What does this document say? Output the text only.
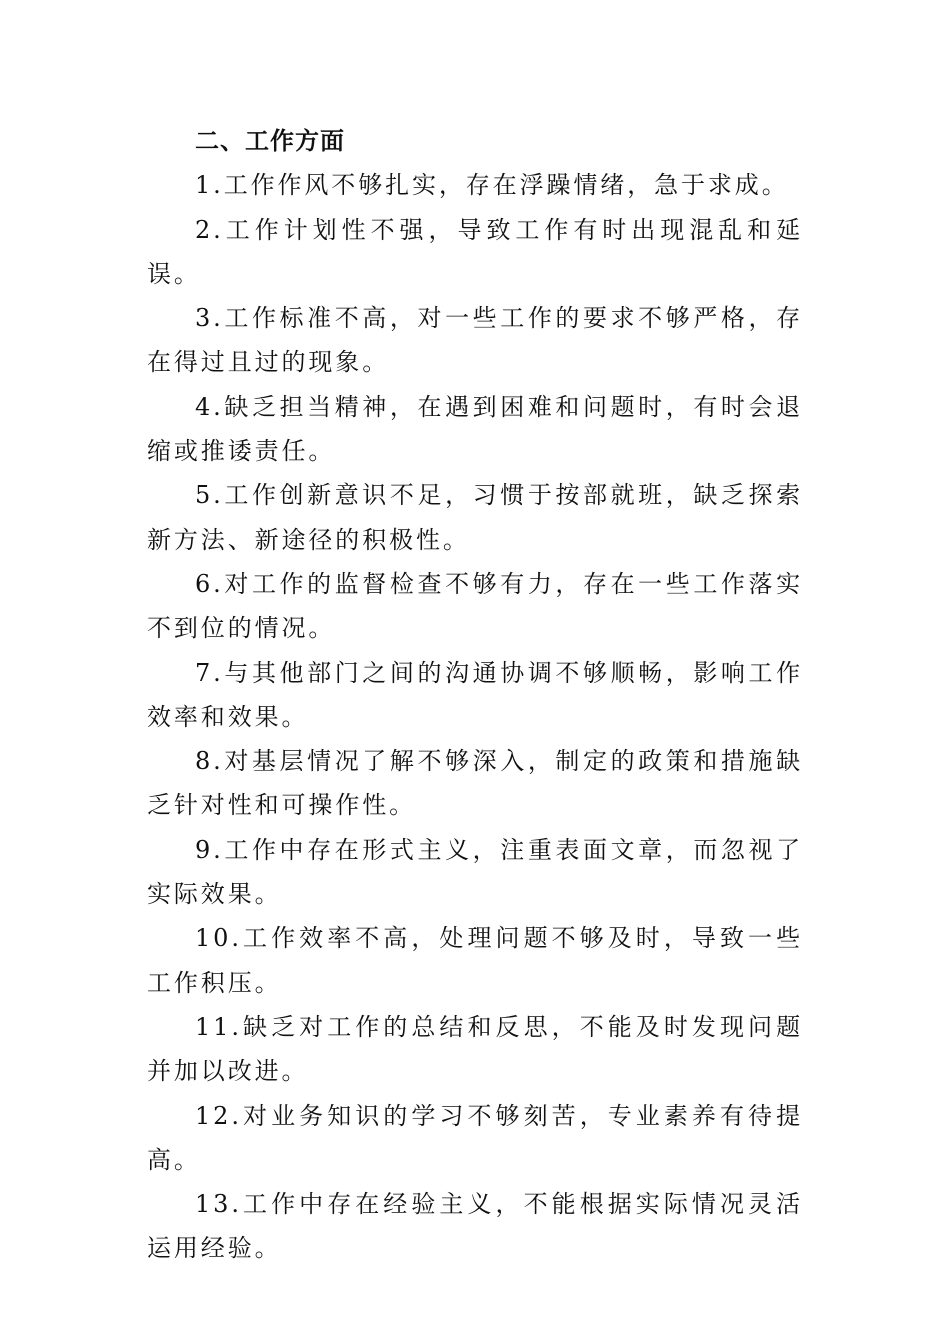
二、工作方面

1.工作作风不够扎实，存在浮躁情绪，急于求成。

2.工作计划性不强，导致工作有时出现混乱和延误。

3.工作标准不高，对一些工作的要求不够严格，存在得过且过的现象。

4.缺乏担当精神，在遇到困难和问题时，有时会退缩或推诿责任。

5.工作创新意识不足，习惯于按部就班，缺乏探索新方法、新途径的积极性。

6.对工作的监督检查不够有力，存在一些工作落实不到位的情况。

7.与其他部门之间的沟通协调不够顺畅，影响工作效率和效果。

8.对基层情况了解不够深入，制定的政策和措施缺乏针对性和可操作性。

9.工作中存在形式主义，注重表面文章，而忽视了实际效果。

10.工作效率不高，处理问题不够及时，导致一些工作积压。

11.缺乏对工作的总结和反思，不能及时发现问题并加以改进。

12.对业务知识的学习不够刻苦，专业素养有待提高。

13.工作中存在经验主义，不能根据实际情况灵活运用经验。
